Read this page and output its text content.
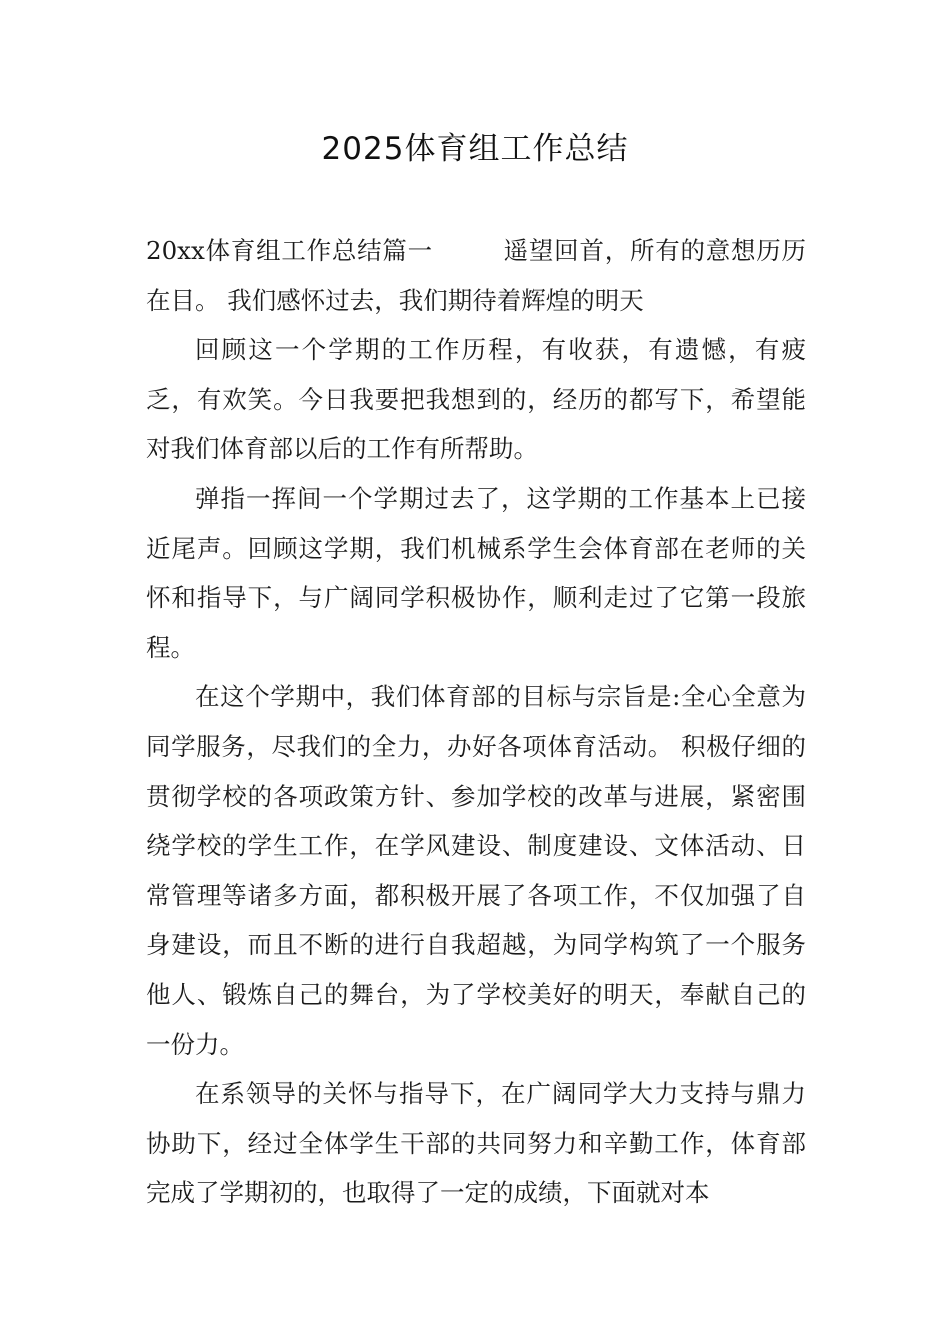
2025体育组工作总结

20xx体育组工作总结篇一	遥望回首，所有的意想历历在目。 我们感怀过去，我们期待着辉煌的明天

回顾这一个学期的工作历程，有收获，有遗憾，有疲乏，有欢笑。今日我要把我想到的，经历的都写下，希望能对我们体育部以后的工作有所帮助。

弹指一挥间一个学期过去了，这学期的工作基本上已接近尾声。回顾这学期，我们机械系学生会体育部在老师的关怀和指导下，与广阔同学积极协作，顺利走过了它第一段旅程。

在这个学期中，我们体育部的目标与宗旨是:全心全意为同学服务，尽我们的全力，办好各项体育活动。 积极仔细的贯彻学校的各项政策方针、参加学校的改革与进展，紧密围绕学校的学生工作，在学风建设、制度建设、文体活动、日常管理等诸多方面，都积极开展了各项工作，不仅加强了自身建设，而且不断的进行自我超越，为同学构筑了一个服务他人、锻炼自己的舞台，为了学校美好的明天，奉献自己的一份力。

在系领导的关怀与指导下，在广阔同学大力支持与鼎力协助下，经过全体学生干部的共同努力和辛勤工作，体育部完成了学期初的，也取得了一定的成绩，下面就对本
